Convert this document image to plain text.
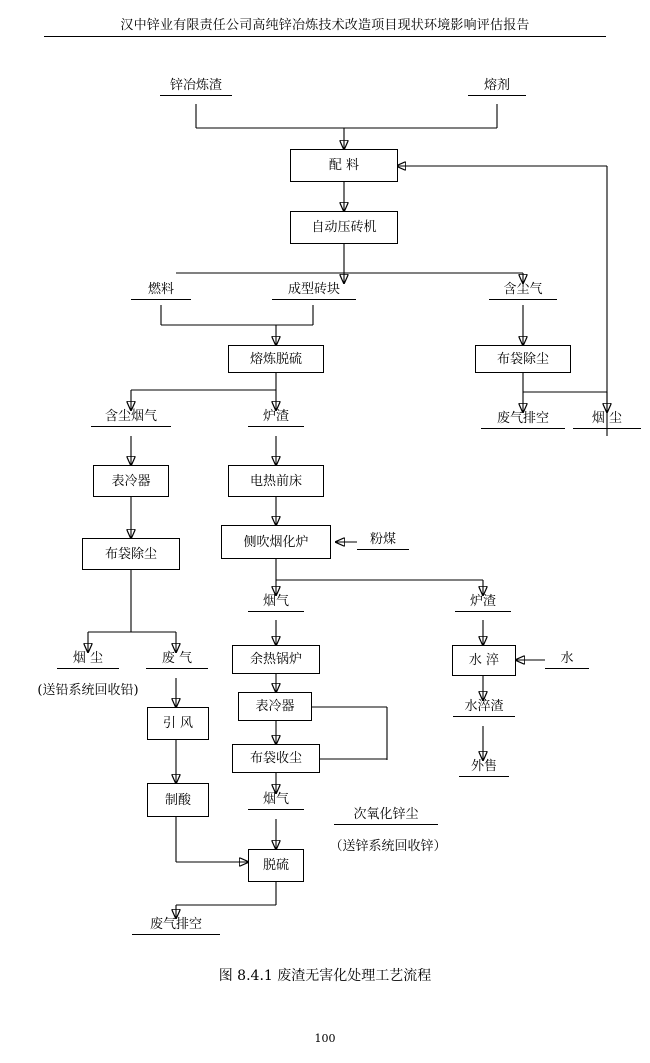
汉中锌业有限责任公司高纯锌冶炼技术改造项目现状环境影响评估报告
锌冶炼渣	熔剂
配 料
自动压砖机
燃料	成型砖块	含尘气
熔炼脱硫	布袋除尘
含尘烟气	炉渣	废气排空	烟 尘
表冷器
布袋除尘
电热前床
侧吹烟化炉	粉煤
烟气	炉渣
余热锅炉
表冷器
布袋收尘
水 淬	水
水淬渣
外售
烟 尘	废 气
(送铅系统回收铅)
引 风
制酸	烟气
次氧化锌尘
（送锌系统回收锌）
脱硫
废气排空
图 8.4.1 废渣无害化处理工艺流程
100
